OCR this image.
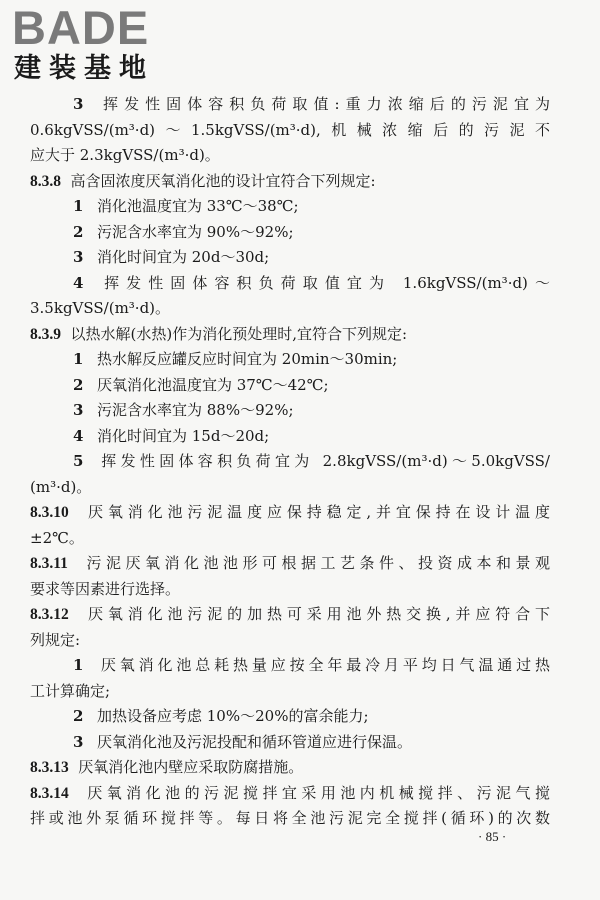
BADE
建装基地
3 挥发性固体容积负荷取值:重力浓缩后的污泥宜为
0.6kgVSS/(m³·d)～1.5kgVSS/(m³·d),机械浓缩后的污泥不
应大于 2.3kgVSS/(m³·d)。
8.3.8 高含固浓度厌氧消化池的设计宜符合下列规定:
1 消化池温度宜为 33℃～38℃;
2 污泥含水率宜为 90%～92%;
3 消化时间宜为 20d～30d;
4 挥发性固体容积负荷取值宜为 1.6kgVSS/(m³·d)～
3.5kgVSS/(m³·d)。
8.3.9 以热水解(水热)作为消化预处理时,宜符合下列规定:
1 热水解反应罐反应时间宜为 20min～30min;
2 厌氧消化池温度宜为 37℃～42℃;
3 污泥含水率宜为 88%～92%;
4 消化时间宜为 15d～20d;
5 挥发性固体容积负荷宜为 2.8kgVSS/(m³·d)～5.0kgVSS/
(m³·d)。
8.3.10 厌氧消化池污泥温度应保持稳定,并宜保持在设计温度
±2℃。
8.3.11 污泥厌氧消化池池形可根据工艺条件、投资成本和景观
要求等因素进行选择。
8.3.12 厌氧消化池污泥的加热可采用池外热交换,并应符合下
列规定:
1 厌氧消化池总耗热量应按全年最冷月平均日气温通过热
工计算确定;
2 加热设备应考虑 10%～20%的富余能力;
3 厌氧消化池及污泥投配和循环管道应进行保温。
8.3.13 厌氧消化池内壁应采取防腐措施。
8.3.14 厌氧消化池的污泥搅拌宜采用池内机械搅拌、污泥气搅
拌或池外泵循环搅拌等。每日将全池污泥完全搅拌(循环)的次数
· 85 ·
